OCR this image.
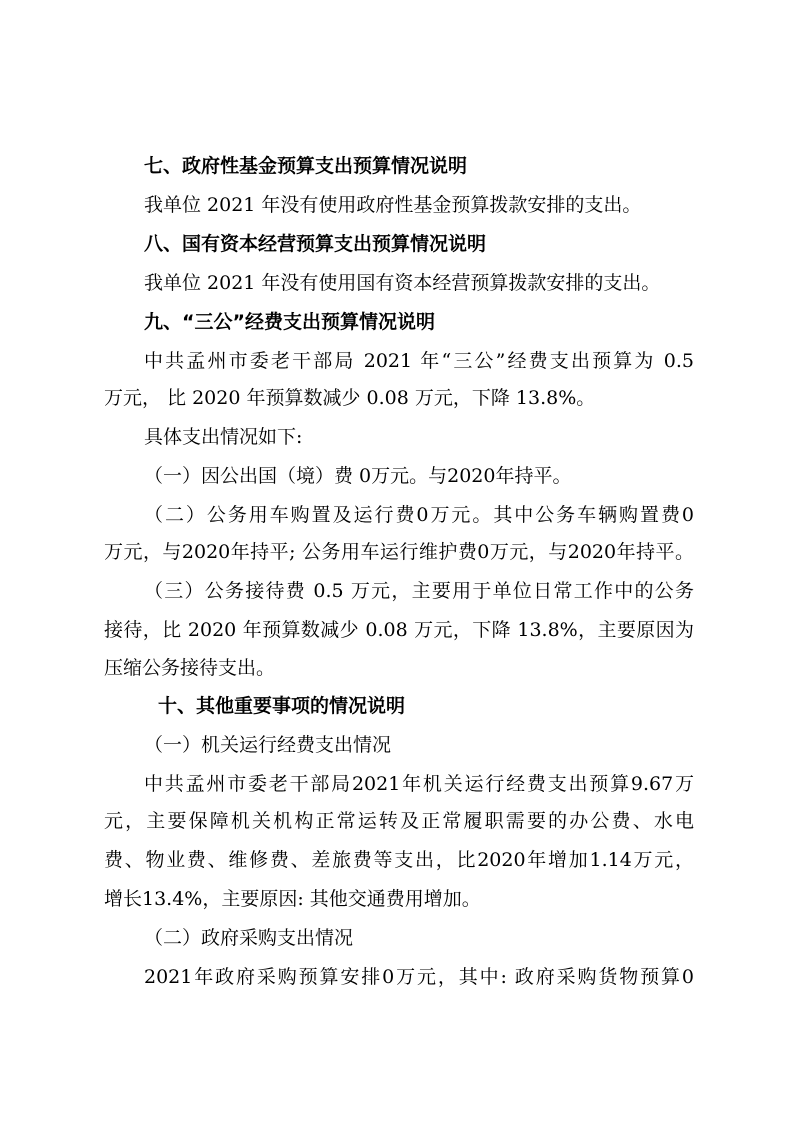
七、政府性基金预算支出预算情况说明
我单位 2021 年没有使用政府性基金预算拨款安排的支出。
八、国有资本经营预算支出预算情况说明
我单位 2021 年没有使用国有资本经营预算拨款安排的支出。
九、“三公”经费支出预算情况说明
中共孟州市委老干部局 2021 年“三公”经费支出预算为 0.5
万元， 比 2020 年预算数减少 0.08 万元，下降 13.8%。
具体支出情况如下:
（一）因公出国（境）费 0万元。与2020年持平。
（二）公务用车购置及运行费0万元。其中公务车辆购置费0
万元，与2020年持平; 公务用车运行维护费0万元，与2020年持平。
（三）公务接待费 0.5 万元，主要用于单位日常工作中的公务
接待，比 2020 年预算数减少 0.08 万元，下降 13.8%，主要原因为
压缩公务接待支出。
十、其他重要事项的情况说明
（一）机关运行经费支出情况
中共孟州市委老干部局2021年机关运行经费支出预算9.67万
元，主要保障机关机构正常运转及正常履职需要的办公费、水电
费、物业费、维修费、差旅费等支出，比2020年增加1.14万元，
增长13.4%，主要原因: 其他交通费用增加。
（二）政府采购支出情况
2021年政府采购预算安排0万元，其中: 政府采购货物预算0
